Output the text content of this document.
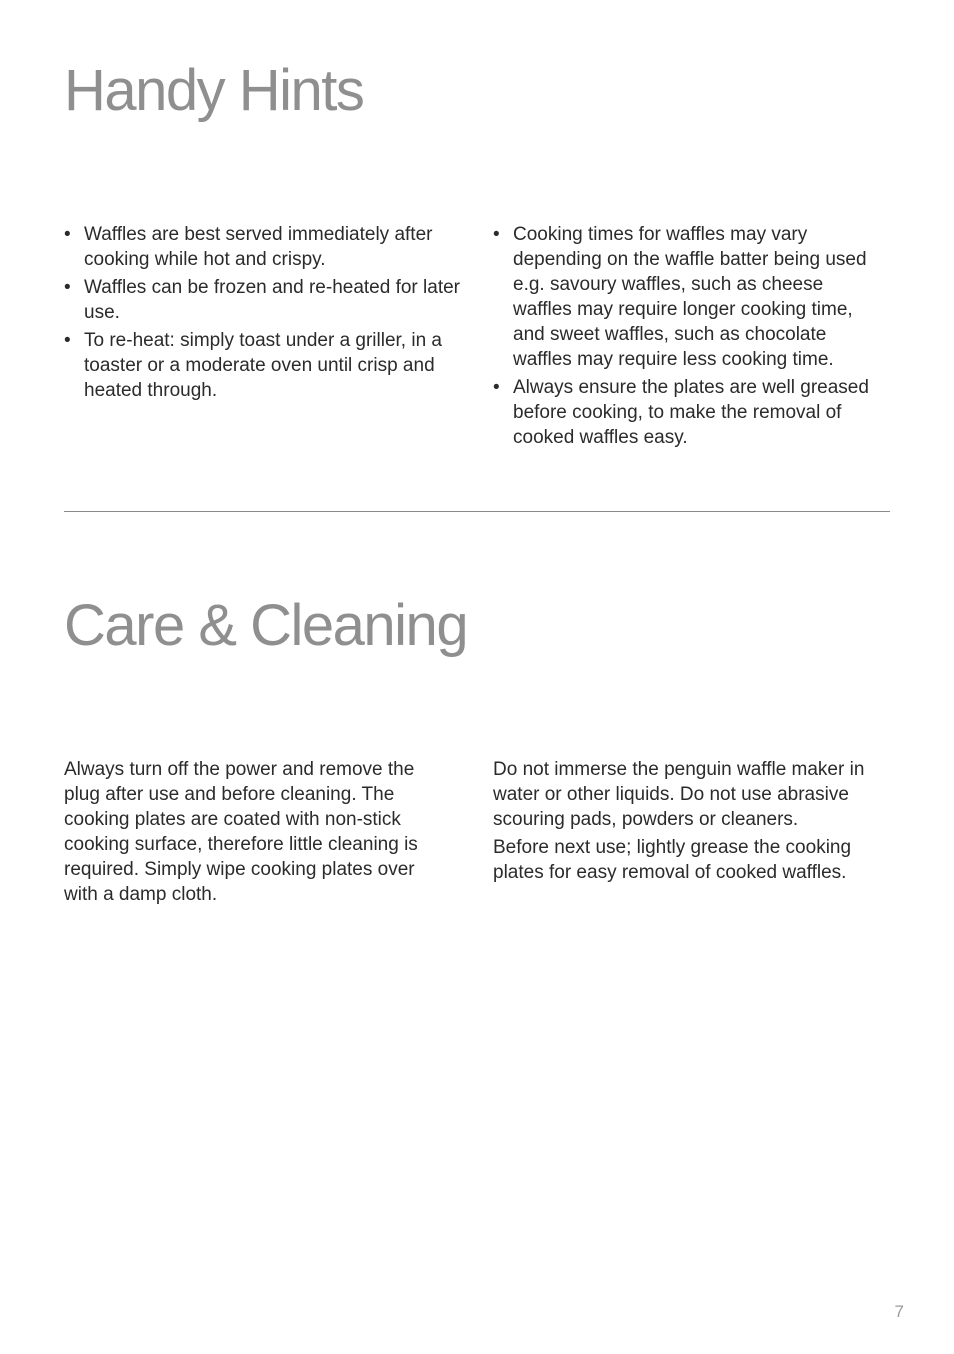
Handy Hints
• Waffles are best served immediately after cooking while hot and crispy.
• Waffles can be frozen and re-heated for later use.
• To re-heat: simply toast under a griller, in a toaster or a moderate oven until crisp and heated through.
• Cooking times for waffles may vary depending on the waffle batter being used e.g. savoury waffles, such as cheese waffles may require longer cooking time, and sweet waffles, such as chocolate waffles may require less cooking time.
• Always ensure the plates are well greased before cooking, to make the removal of cooked waffles easy.
Care & Cleaning

Always turn off the power and remove the plug after use and before cleaning. The cooking plates are coated with non-stick cooking surface, therefore little cleaning is required. Simply wipe cooking plates over with a damp cloth.

Do not immerse the penguin waffle maker in water or other liquids. Do not use abrasive scouring pads, powders or cleaners.

Before next use; lightly grease the cooking plates for easy removal of cooked waffles.

7
